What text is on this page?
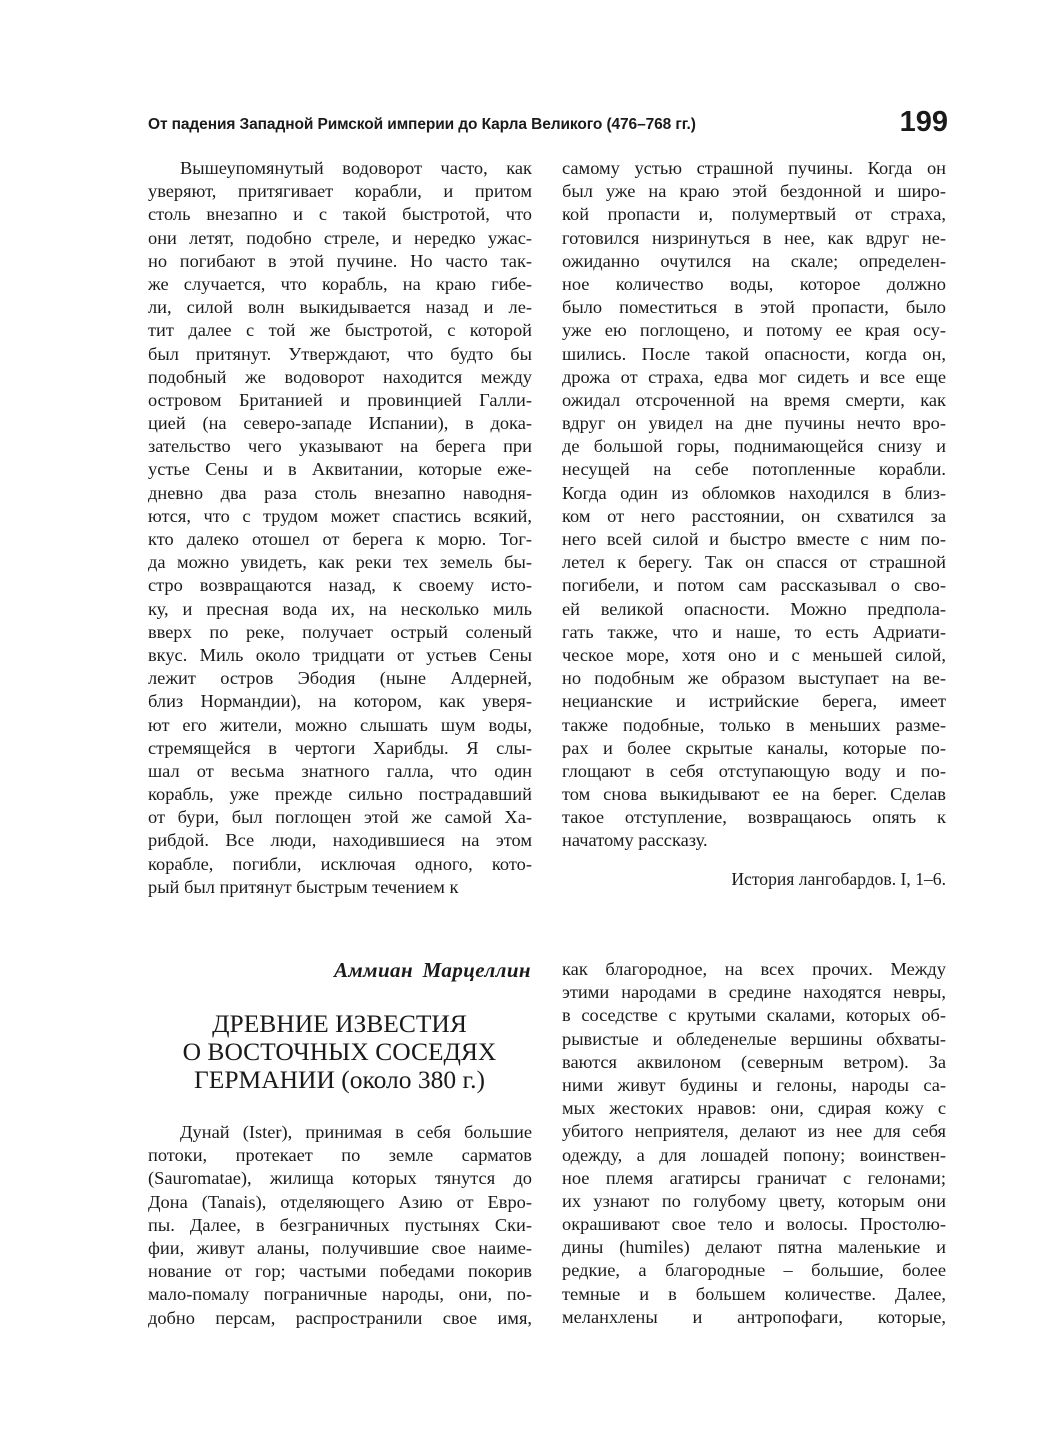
От падения Западной Римской империи до Карла Великого (476–768 гг.)	199
Вышеупомянутый водоворот часто, как
уверяют, притягивает корабли, и притом
столь внезапно и с такой быстротой, что
они летят, подобно стреле, и нередко ужас-
но погибают в этой пучине. Но часто так-
же случается, что корабль, на краю гибе-
ли, силой волн выкидывается назад и ле-
тит далее с той же быстротой, с которой
был притянут. Утверждают, что будто бы
подобный же водоворот находится между
островом Британией и провинцией Галли-
цией (на северо-западе Испании), в дока-
зательство чего указывают на берега при
устье Сены и в Аквитании, которые еже-
дневно два раза столь внезапно наводня-
ются, что с трудом может спастись всякий,
кто далеко отошел от берега к морю. Тог-
да можно увидеть, как реки тех земель бы-
стро возвращаются назад, к своему исто-
ку, и пресная вода их, на несколько миль
вверх по реке, получает острый соленый
вкус. Миль около тридцати от устьев Сены
лежит остров Эбодия (ныне Алдерней,
близ Нормандии), на котором, как уверя-
ют его жители, можно слышать шум воды,
стремящейся в чертоги Харибды. Я слы-
шал от весьма знатного галла, что один
корабль, уже прежде сильно пострадавший
от бури, был поглощен этой же самой Ха-
рибдой. Все люди, находившиеся на этом
корабле, погибли, исключая одного, кото-
рый был притянут быстрым течением к
самому устью страшной пучины. Когда он
был уже на краю этой бездонной и широ-
кой пропасти и, полумертвый от страха,
готовился низринуться в нее, как вдруг не-
ожиданно очутился на скале; определен-
ное количество воды, которое должно
было поместиться в этой пропасти, было
уже ею поглощено, и потому ее края осу-
шились. После такой опасности, когда он,
дрожа от страха, едва мог сидеть и все еще
ожидал отсроченной на время смерти, как
вдруг он увидел на дне пучины нечто вро-
де большой горы, поднимающейся снизу и
несущей на себе потопленные корабли.
Когда один из обломков находился в близ-
ком от него расстоянии, он схватился за
него всей силой и быстро вместе с ним по-
летел к берегу. Так он спасся от страшной
погибели, и потом сам рассказывал о сво-
ей великой опасности. Можно предпола-
гать также, что и наше, то есть Адриати-
ческое море, хотя оно и с меньшей силой,
но подобным же образом выступает на ве-
нецианские и истрийские берега, имеет
также подобные, только в меньших разме-
рах и более скрытые каналы, которые по-
глощают в себя отступающую воду и по-
том снова выкидывают ее на берег. Сделав
такое отступление, возвращаюсь опять к
начатому рассказу.
История лангобардов. I, 1–6.
Аммиан Марцеллин
ДРЕВНИЕ ИЗВЕСТИЯ
О ВОСТОЧНЫХ СОСЕДЯХ
ГЕРМАНИИ (около 380 г.)
Дунай (Ister), принимая в себя большие
потоки, протекает по земле сарматов
(Sauromatae), жилища которых тянутся до
Дона (Tanais), отделяющего Азию от Евро-
пы. Далее, в безграничных пустынях Ски-
фии, живут аланы, получившие свое наиме-
нование от гор; частыми победами покорив
мало-помалу пограничные народы, они, по-
добно персам, распространили свое имя,
как благородное, на всех прочих. Между
этими народами в средине находятся невры,
в соседстве с крутыми скалами, которых об-
рывистые и обледенелые вершины обхваты-
ваются аквилоном (северным ветром). За
ними живут будины и гелоны, народы са-
мых жестоких нравов: они, сдирая кожу с
убитого неприятеля, делают из нее для себя
одежду, а для лошадей попону; воинствен-
ное племя агатирсы граничат с гелонами;
их узнают по голубому цвету, которым они
окрашивают свое тело и волосы. Простолю-
дины (humiles) делают пятна маленькие и
редкие, а благородные – большие, более
темные и в большем количестве. Далее,
меланхлены и антропофаги, которые,
